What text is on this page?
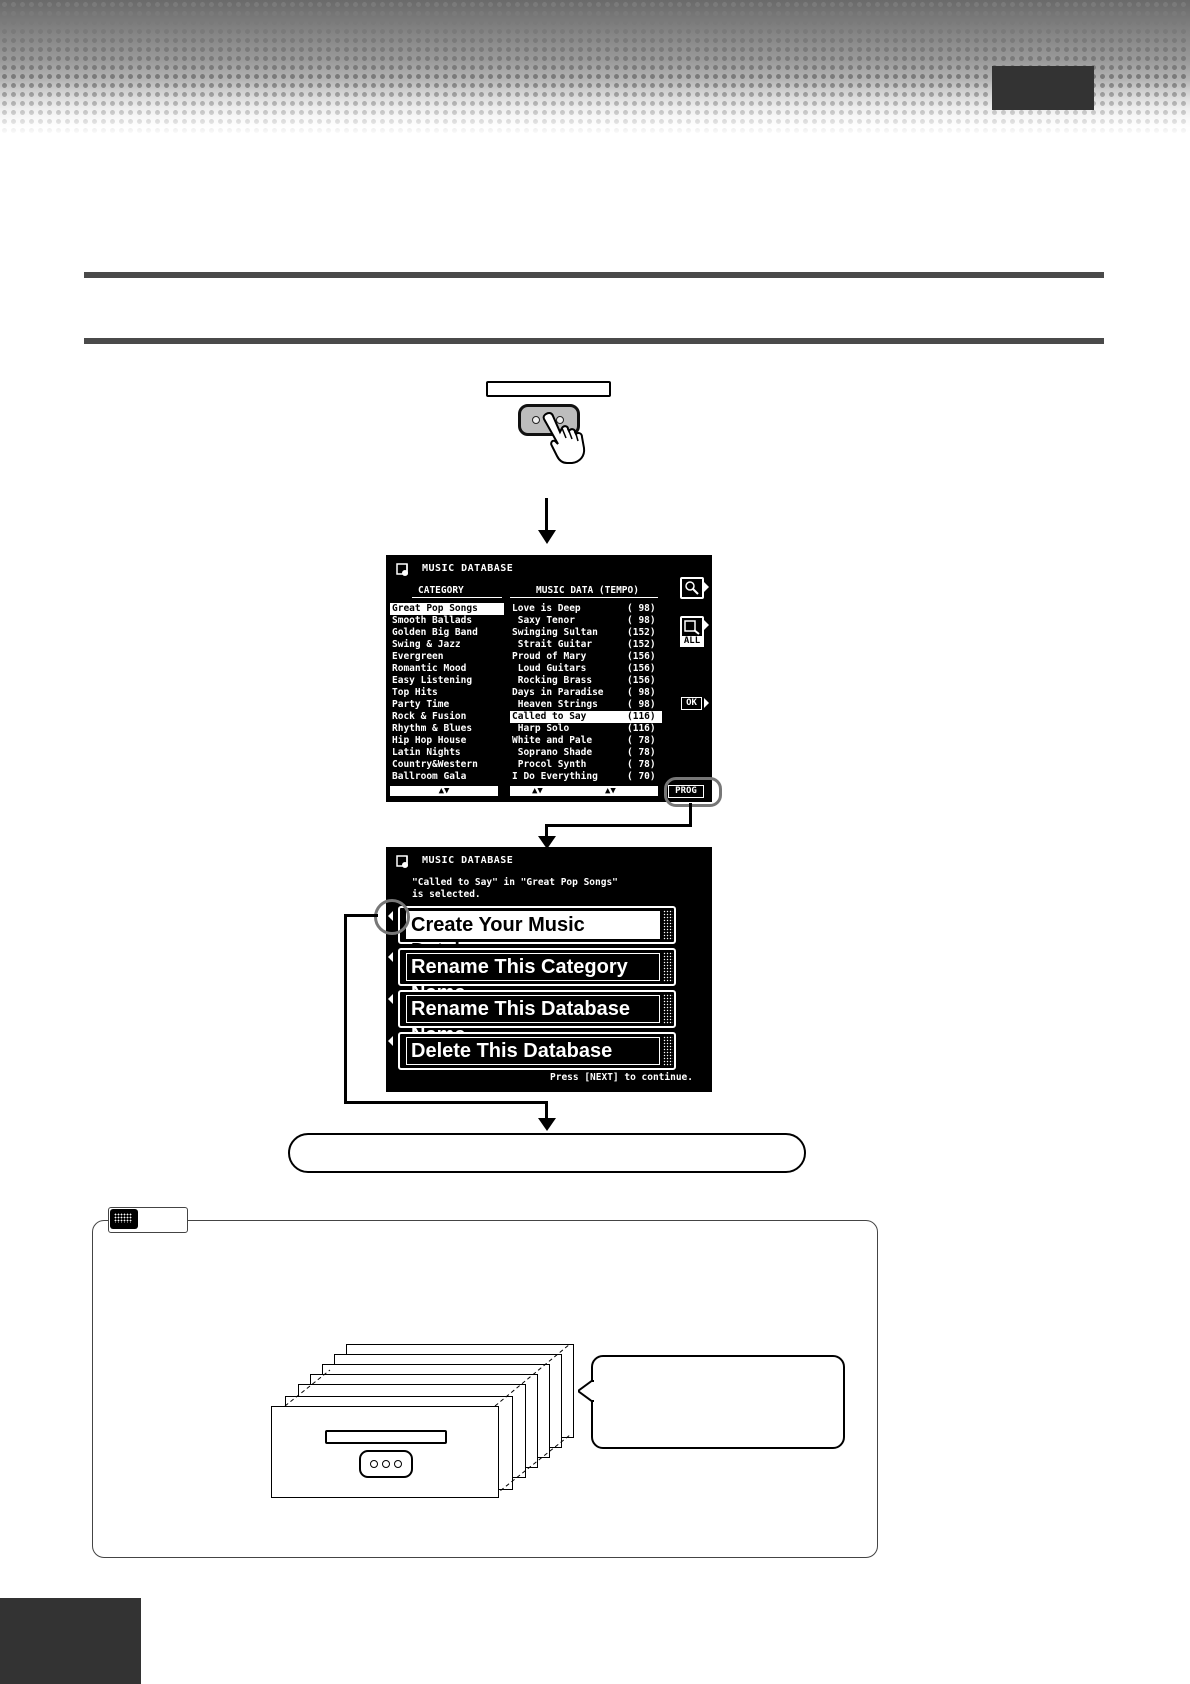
MUSIC DATABASE
CATEGORY	MUSIC DATA (TEMPO)
Great Pop Songs
Smooth Ballads
Golden Big Band
Swing & Jazz
Evergreen
Romantic Mood
Easy Listening
Top Hits
Party Time
Rock & Fusion
Rhythm & Blues
Hip Hop House
Latin Nights
Country&Western
Ballroom Gala
Love is Deep	( 98)
Saxy Tenor	( 98)
Swinging Sultan	(152)
Strait Guitar	(152)
Proud of Mary	(156)
Loud Guitars	(156)
Rocking Brass	(156)
Days in Paradise ( 98)
Heaven Strings	( 98)
Called to Say	(116)
Harp Solo	(116)
White and Pale	( 78)
Soprano Shade	( 78)
Procol Synth	( 78)
I Do Everything	( 70)
ALL
OK
▲▼	▲▼	▲▼	PROG
MUSIC DATABASE
"Called to Say" in "Great Pop Songs"
is selected.
Press [NEXT] to continue.
Create Your Music
Rename This Category
Rename This Database
Delete This Database
